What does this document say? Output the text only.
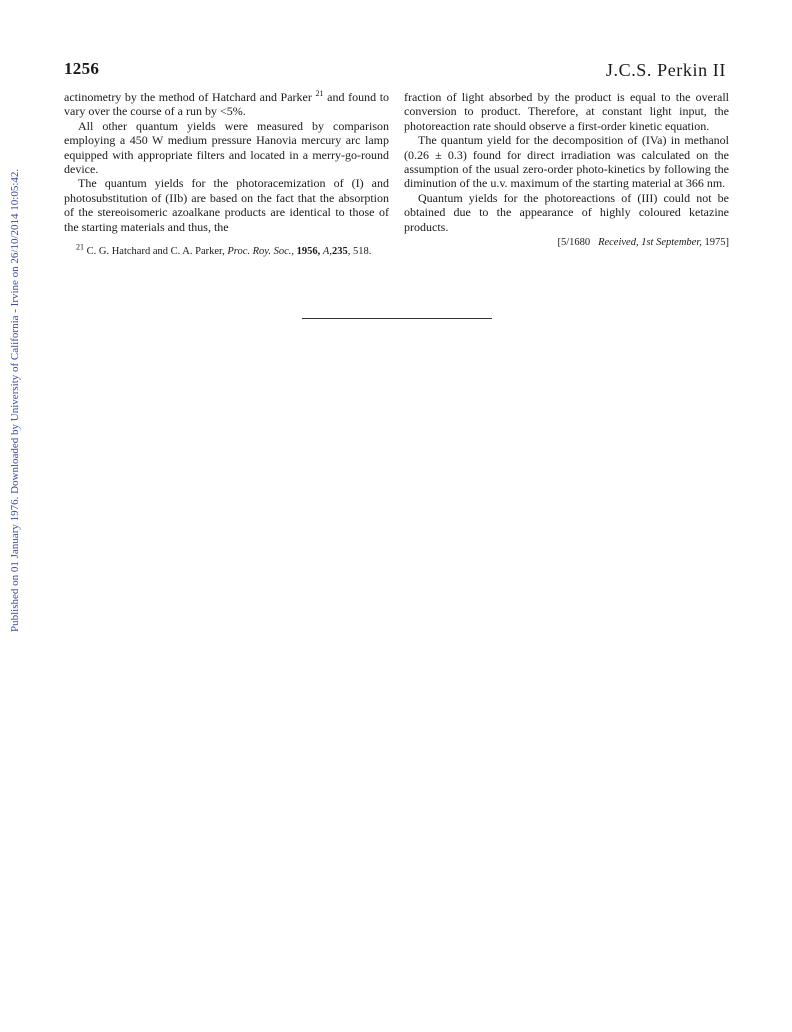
Published on 01 January 1976. Downloaded by University of California - Irvine on 26/10/2014 10:05:42.
1256	J.C.S. Perkin II

actinometry by the method of Hatchard and Parker $^{21}$ and found to vary over the course of a run by <5%.

All other quantum yields were measured by comparison employing a 450 W medium pressure Hanovia mercury arc lamp equipped with appropriate filters and located in a merry-go-round device.

The quantum yields for the photoracemization of (I) and photosubstitution of (IIb) are based on the fact that the absorption of the stereoisomeric azoalkane products are identical to those of the starting materials and thus, the

$^{21}$ C. G. Hatchard and C. A. Parker, Proc. Roy. Soc., 1956, A,235, 518.

fraction of light absorbed by the product is equal to the overall conversion to product. Therefore, at constant light input, the photoreaction rate should observe a first-order kinetic equation.

The quantum yield for the decomposition of (IVa) in methanol (0.26 ± 0.3) found for direct irradiation was calculated on the assumption of the usual zero-order photo-kinetics by following the diminution of the u.v. maximum of the starting material at 366 nm.

Quantum yields for the photoreactions of (III) could not be obtained due to the appearance of highly coloured ketazine products.

[5/1680 Received, 1st September, 1975]
